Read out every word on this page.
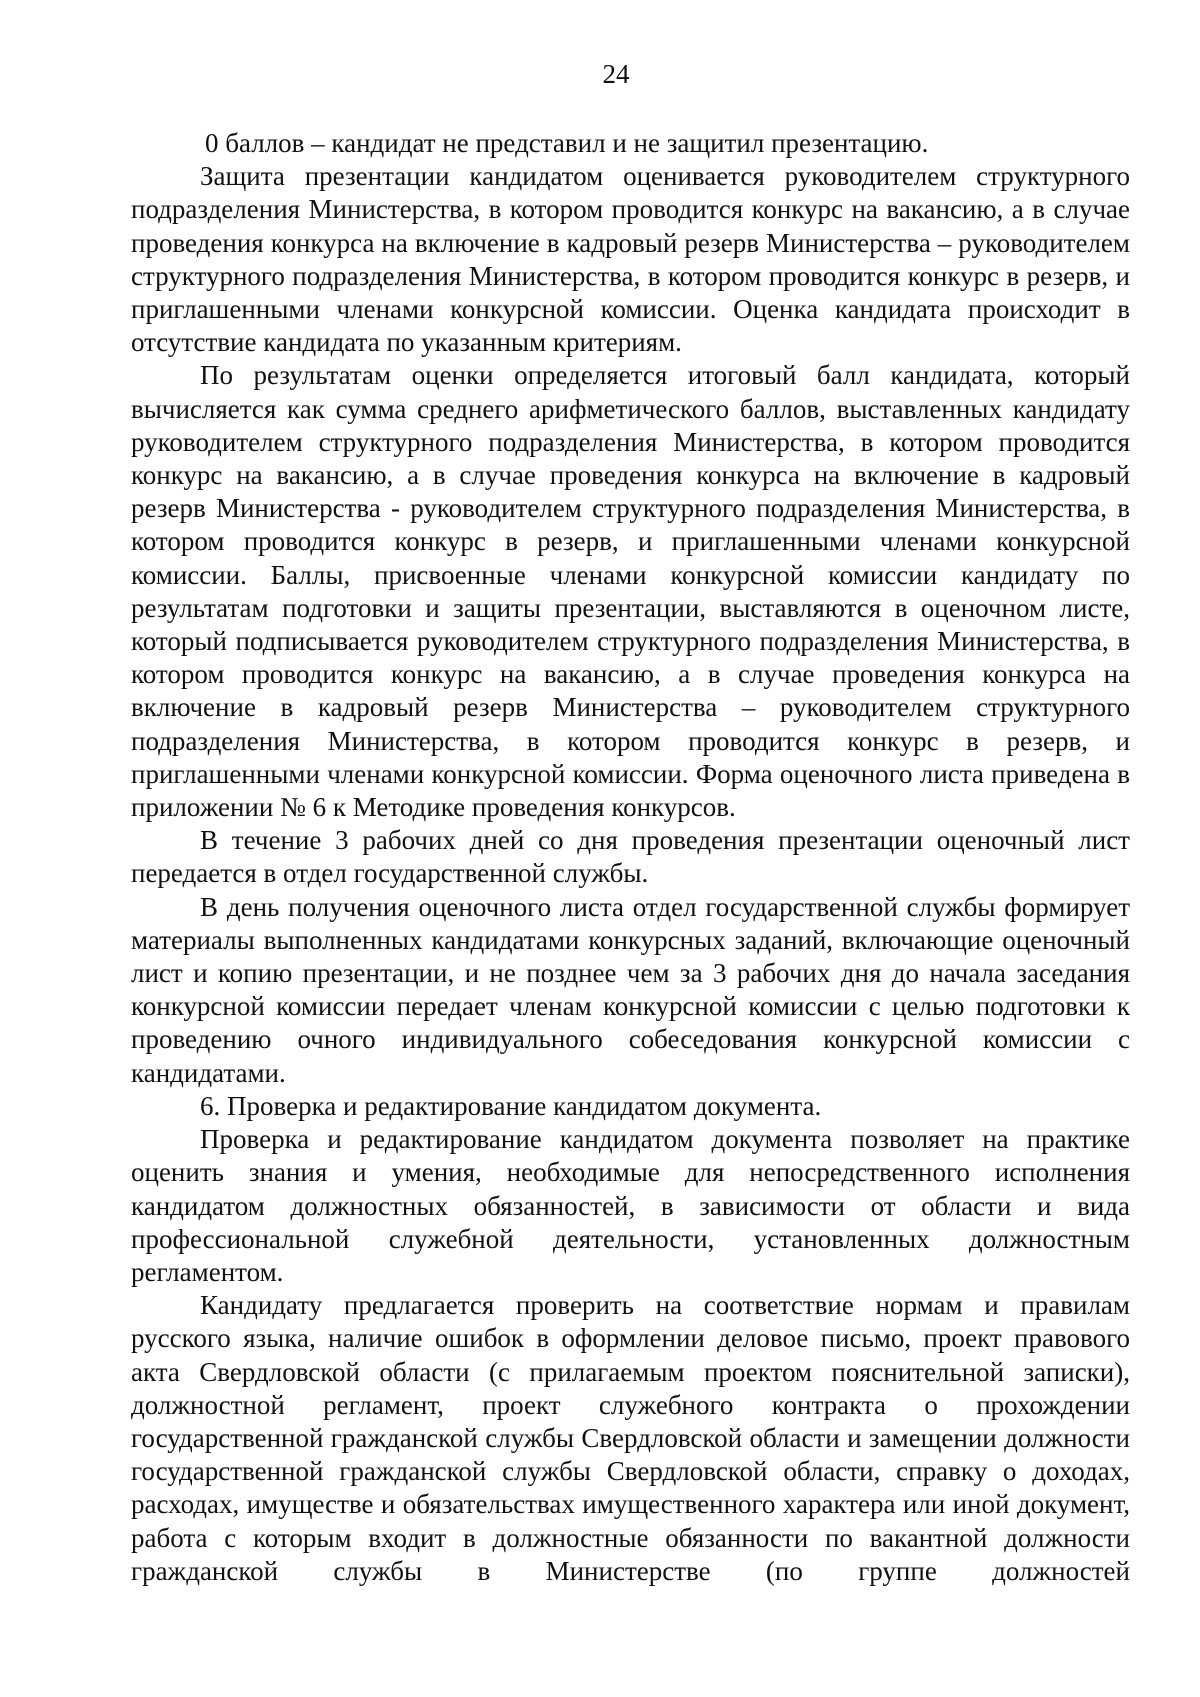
24

0 баллов – кандидат не представил и не защитил презентацию.

Защита презентации кандидатом оценивается руководителем структурного подразделения Министерства, в котором проводится конкурс на вакансию, а в случае проведения конкурса на включение в кадровый резерв Министерства – руководителем структурного подразделения Министерства, в котором проводится конкурс в резерв, и приглашенными членами конкурсной комиссии. Оценка кандидата происходит в отсутствие кандидата по указанным критериям.

По результатам оценки определяется итоговый балл кандидата, который вычисляется как сумма среднего арифметического баллов, выставленных кандидату руководителем структурного подразделения Министерства, в котором проводится конкурс на вакансию, а в случае проведения конкурса на включение в кадровый резерв Министерства - руководителем структурного подразделения Министерства, в котором проводится конкурс в резерв, и приглашенными членами конкурсной комиссии. Баллы, присвоенные членами конкурсной комиссии кандидату по результатам подготовки и защиты презентации, выставляются в оценочном листе, который подписывается руководителем структурного подразделения Министерства, в котором проводится конкурс на вакансию, а в случае проведения конкурса на включение в кадровый резерв Министерства – руководителем структурного подразделения Министерства, в котором проводится конкурс в резерв, и приглашенными членами конкурсной комиссии. Форма оценочного листа приведена в приложении № 6 к Методике проведения конкурсов.

В течение 3 рабочих дней со дня проведения презентации оценочный лист передается в отдел государственной службы.

В день получения оценочного листа отдел государственной службы формирует материалы выполненных кандидатами конкурсных заданий, включающие оценочный лист и копию презентации, и не позднее чем за 3 рабочих дня до начала заседания конкурсной комиссии передает членам конкурсной комиссии с целью подготовки к проведению очного индивидуального собеседования конкурсной комиссии с кандидатами.

6. Проверка и редактирование кандидатом документа.

Проверка и редактирование кандидатом документа позволяет на практике оценить знания и умения, необходимые для непосредственного исполнения кандидатом должностных обязанностей, в зависимости от области и вида профессиональной служебной деятельности, установленных должностным регламентом.

Кандидату предлагается проверить на соответствие нормам и правилам русского языка, наличие ошибок в оформлении деловое письмо, проект правового акта Свердловской области (с прилагаемым проектом пояснительной записки), должностной регламент, проект служебного контракта о прохождении государственной гражданской службы Свердловской области и замещении должности государственной гражданской службы Свердловской области, справку о доходах, расходах, имуществе и обязательствах имущественного характера или иной документ, работа с которым входит в должностные обязанности по вакантной должности гражданской службы в Министерстве (по группе должностей
